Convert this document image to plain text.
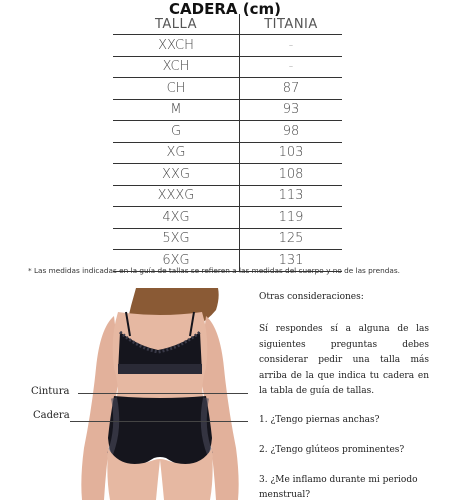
CADERA (cm)
TALLA	TITANIA
XXCH	-
XCH	-
CH	87
M	93
G	98
XG	103
XXG	108
XXXG	113
4XG	119
5XG	125
6XG	131
* Las medidas indicadas en la guía de tallas se refieren a las medidas del cuerpo y no de las prendas.
Cintura
Cadera

Otras consideraciones:

Sí respondes sí a alguna de las siguientes preguntas debes considerar pedir una talla más arriba de la que indica tu cadera en la tabla de guía de tallas.

1. ¿Tengo piernas anchas?

2. ¿Tengo glúteos prominentes?

3. ¿Me inflamo durante mi periodo menstrual?
